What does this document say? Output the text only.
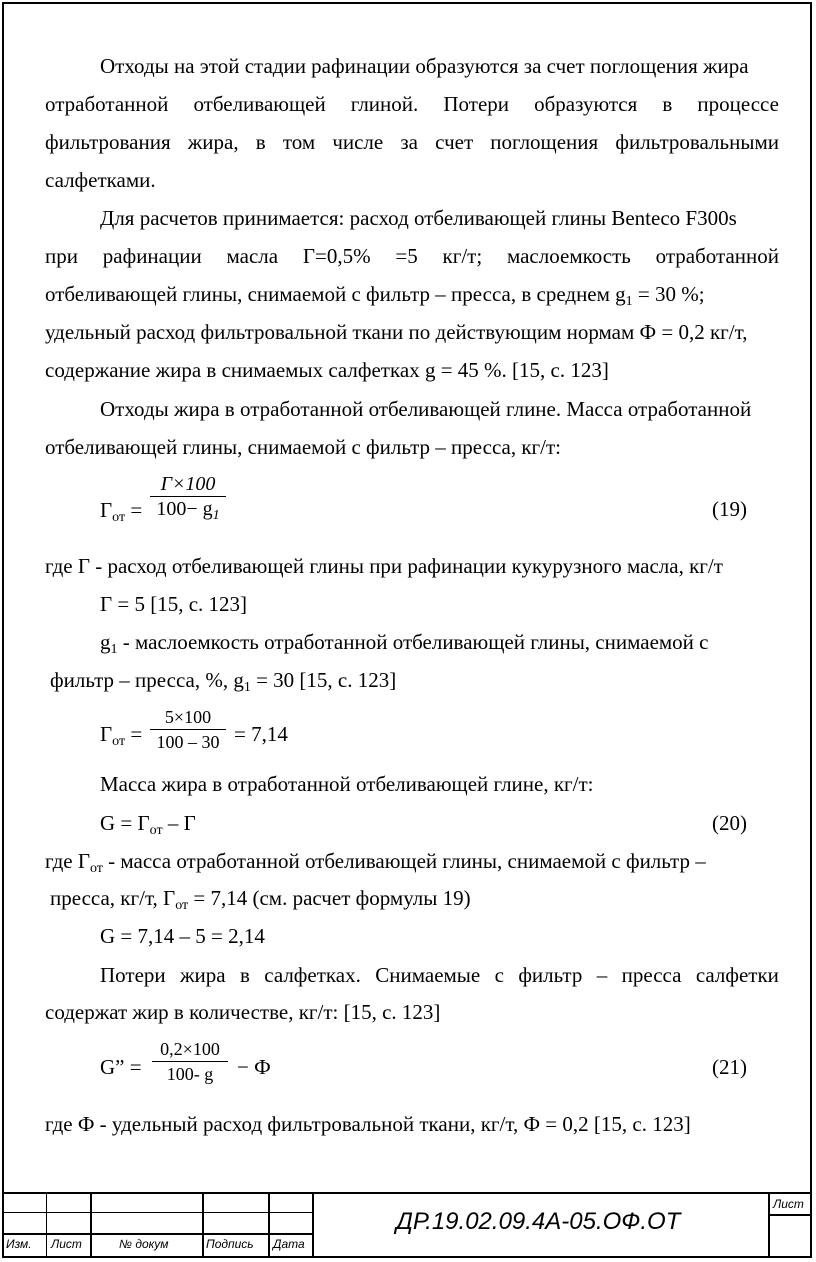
Отходы на этой стадии рафинации образуются за счет поглощения жира
отработанной отбеливающей глиной. Потери образуются в процессе
фильтрования жира, в том числе за счет поглощения фильтровальными
салфетками.
Для расчетов принимается: расход отбеливающей глины Benteco F300s
при рафинации масла Г=0,5% =5 кг/т; маслоемкость отработанной
отбеливающей глины, снимаемой с фильтр – пресса, в среднем $g_1 = 30$ %;
удельный расход фильтровальной ткани по действующим нормам Ф = 0,2 кг/т,
содержание жира в снимаемых салфетках g = 45 %. [15, с. 123]
Отходы жира в отработанной отбеливающей глине. Масса отработанной
отбеливающей глины, снимаемой с фильтр – пресса, кг/т:
$Г_{от}$ =
Г×100
$100- g_1$	(19)
где Г - расход отбеливающей глины при рафинации кукурузного масла, кг/т
Г = 5 [15, с. 123]
$g_1$ - маслоемкость отработанной отбеливающей глины, снимаемой с
фильтр – пресса, %, $g_1 = 30$ [15, с. 123]
$Г_{от}$ =
5×100
100 – 30 = 7,14
Масса жира в отработанной отбеливающей глине, кг/т:
$G = Г_{от} - Г$	(20)
где $Г_{от}$ - масса отработанной отбеливающей глины, снимаемой с фильтр –
пресса, кг/т, $Г_{от} = 7,14$ (см. расчет формулы 19)
G = 7,14 – 5 = 2,14
Потери жира в салфетках. Снимаемые с фильтр – пресса салфетки
содержат жир в количестве, кг/т: [15, с. 123]
G” =
0,2×100
100- g	− Ф	(21)
где Ф - удельный расход фильтровальной ткани, кг/т, Ф = 0,2 [15, с. 123]
ДР.19.02.09.4А-05.ОФ.ОТ
Лист
Изм. Лист	№ докум	Подпись Дата
